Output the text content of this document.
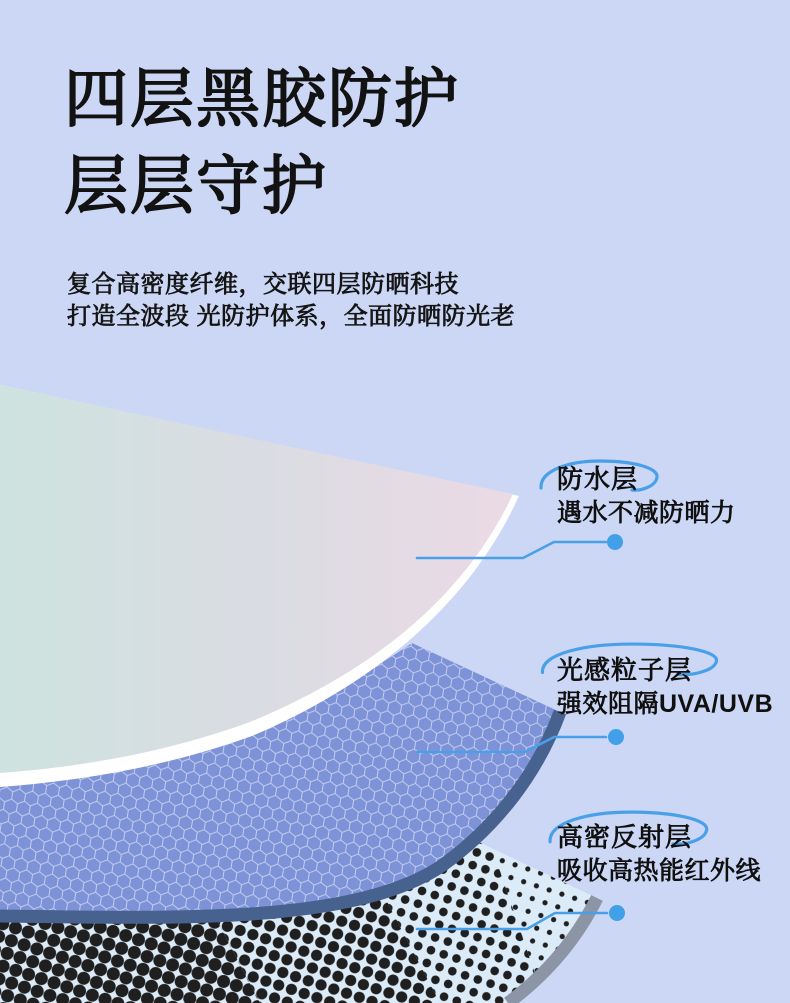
四层黑胶防护
层层守护
复合高密度纤维，交联四层防晒科技
打造全波段 光防护体系，全面防晒防光老
防水层
遇水不减防晒力
光感粒子层
强效阻隔UVA/UVB
高密反射层
吸收高热能红外线
